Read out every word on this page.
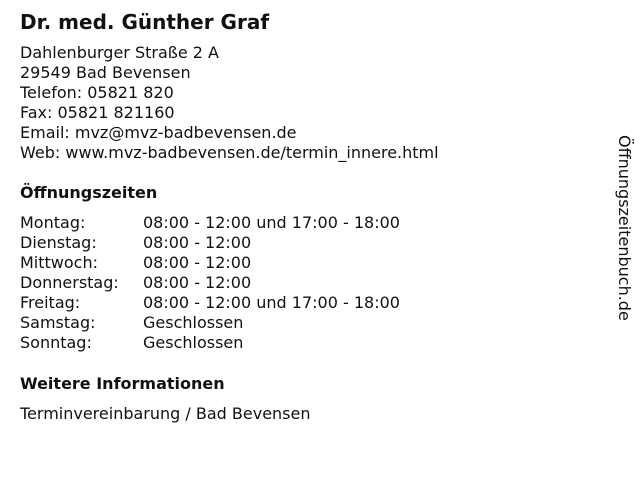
Dr. med. Günther Graf
Dahlenburger Straße 2 A
29549 Bad Bevensen
Telefon: 05821 820
Fax: 05821 821160
Email: mvz@mvz-badbevensen.de
Web: www.mvz-badbevensen.de/termin_innere.html
Öffnungszeiten
Montag:	08:00 - 12:00 und 17:00 - 18:00
Dienstag:	08:00 - 12:00
Mittwoch:	08:00 - 12:00
Donnerstag: 08:00 - 12:00
Freitag:	08:00 - 12:00 und 17:00 - 18:00
Samstag:	Geschlossen
Sonntag:	Geschlossen
Weitere Informationen
Terminvereinbarung / Bad Bevensen
Öffnungszeitenbuch.de
